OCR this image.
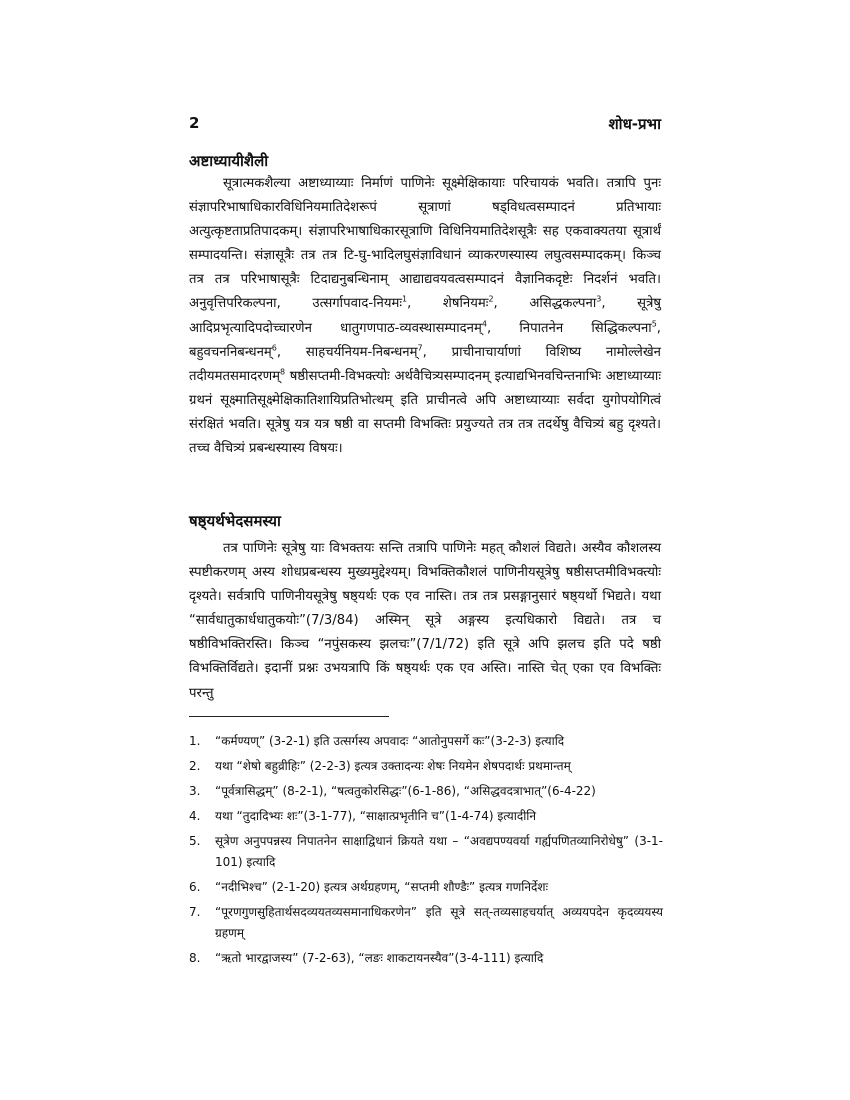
2	शोध-प्रभा
अष्टाध्यायीशैली

सूत्रात्मकशैल्या अष्टाध्याय्याः निर्माणं पाणिनेः सूक्ष्मेक्षिकायाः परिचायकं भवति। तत्रापि पुनः संज्ञापरिभाषाधिकारविधिनियमातिदेशरूपं सूत्राणां षड्विधत्वसम्पादनं प्रतिभायाः अत्युत्कृष्टताप्रतिपादकम्। संज्ञापरिभाषाधिकारसूत्राणि विधिनियमातिदेशसूत्रैः सह एकवाक्यतया सूत्रार्थं सम्पादयन्ति। संज्ञासूत्रैः तत्र तत्र टि-घु-भादिलघुसंज्ञाविधानं व्याकरणस्यास्य लघुत्वसम्पादकम्। किञ्च तत्र तत्र परिभाषासूत्रैः टिदाद्यनुबन्धिनाम् आद्याद्यवयवत्वसम्पादनं वैज्ञानिकदृष्टेः निदर्शनं भवति। अनुवृत्तिपरिकल्पना, उत्सर्गापवाद-नियमः$^1$, शेषनियमः$^2$, असिद्धकल्पना$^3$, सूत्रेषु आदिप्रभृत्यादिपदोच्चारणेन धातुगणपाठ-व्यवस्थासम्पादनम्$^4$, निपातनेन सिद्धिकल्पना$^5$, बहुवचननिबन्धनम्$^6$, साहचर्यनियम-निबन्धनम्$^7$, प्राचीनाचार्याणां विशिष्य नामोल्लेखेन तदीयमतसमादरणम्$^8$ षष्ठीसप्तमी-विभक्त्योः अर्थवैचित्र्यसम्पादनम् इत्याद्यभिनवचिन्तनाभिः अष्टाध्याय्याः ग्रथनं सूक्ष्मातिसूक्ष्मेक्षिकातिशायिप्रतिभोत्थम् इति प्राचीनत्वे अपि अष्टाध्याय्याः सर्वदा युगोपयोगित्वं संरक्षितं भवति। सूत्रेषु यत्र यत्र षष्ठी वा सप्तमी विभक्तिः प्रयुज्यते तत्र तत्र तदर्थेषु वैचित्र्यं बहु दृश्यते। तच्च वैचित्र्यं प्रबन्धस्यास्य विषयः।

षष्ठ्यर्थभेदसमस्या

तत्र पाणिनेः सूत्रेषु याः विभक्तयः सन्ति तत्रापि पाणिनेः महत् कौशलं विद्यते। अस्यैव कौशलस्य स्पष्टीकरणम् अस्य शोधप्रबन्धस्य मुख्यमुद्देश्यम्। विभक्तिकौशलं पाणिनीयसूत्रेषु षष्ठीसप्तमीविभक्त्योः दृश्यते। सर्वत्रापि पाणिनीयसूत्रेषु षष्ठ्यर्थः एक एव नास्ति। तत्र तत्र प्रसङ्गानुसारं षष्ठ्यर्थो भिद्यते। यथा “सार्वधातुकार्धधातुकयोः”(7/3/84) अस्मिन् सूत्रे अङ्गस्य इत्यधिकारो विद्यते। तत्र च षष्ठीविभक्तिरस्ति। किञ्च “नपुंसकस्य झलचः”(7/1/72) इति सूत्रे अपि झलच इति पदे षष्ठी विभक्तिर्विद्यते। इदानीं प्रश्नः उभयत्रापि किं षष्ठ्यर्थः एक एव अस्ति। नास्ति चेत् एका एव विभक्तिः परन्तु

1. “कर्मण्यण्” (3-2-1) इति उत्सर्गस्य अपवादः “आतोनुपसर्गे कः”(3-2-3) इत्यादि
2. यथा “शेषो बहुव्रीहिः” (2-2-3) इत्यत्र उक्तादन्यः शेषः नियमेन शेषपदार्थः प्रथमान्तम्
3. “पूर्वत्रासिद्धम्” (8-2-1), “षत्वतुकोरसिद्धः”(6-1-86), “असिद्धवदत्राभात्”(6-4-22)
4. यथा “तुदादिभ्यः शः”(3-1-77), “साक्षात्प्रभृतीनि च”(1-4-74) इत्यादीनि
5. सूत्रेण अनुपपन्नस्य निपातनेन साक्षाद्विधानं क्रियते यथा – “अवद्यपण्यवर्या गर्ह्यपणितव्यानिरोधेषु” (3-1-101) इत्यादि
6. “नदीभिश्च” (2-1-20) इत्यत्र अर्थग्रहणम्, “सप्तमी शौण्डैः” इत्यत्र गणनिर्देशः
7. “पूरणगुणसुहितार्थसदव्ययतव्यसमानाधिकरणेन” इति सूत्रे सत्-तव्यसाहचर्यात् अव्ययपदेन कृदव्ययस्य ग्रहणम्
8. “ऋतो भारद्वाजस्य” (7-2-63), “लङः शाकटायनस्यैव”(3-4-111) इत्यादि
